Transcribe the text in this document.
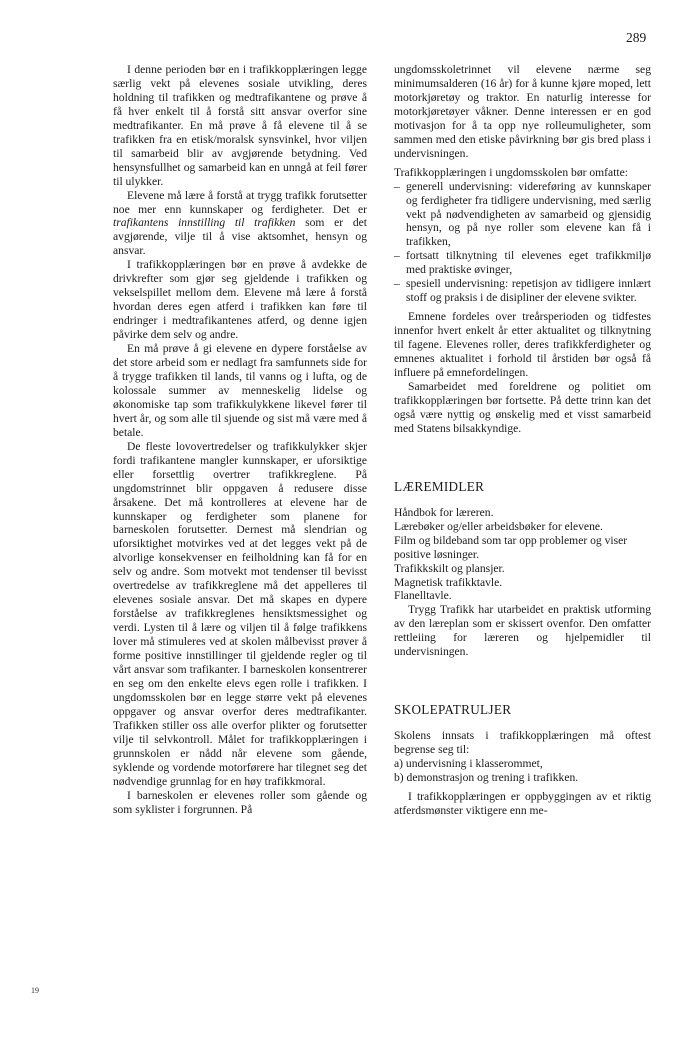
289

I denne perioden bør en i trafikkopplæringen legge særlig vekt på elevenes sosiale utvikling, deres holdning til trafikken og medtrafikantene og prøve å få hver enkelt til å forstå sitt ansvar overfor sine medtrafikanter. En må prøve å få elevene til å se trafikken fra en etisk/moralsk synsvinkel, hvor viljen til samarbeid blir av avgjørende betydning. Ved hensynsfullhet og samarbeid kan en unngå at feil fører til ulykker.

Elevene må lære å forstå at trygg trafikk forutsetter noe mer enn kunnskaper og ferdigheter. Det er trafikantens innstilling til trafikken som er det avgjørende, vilje til å vise aktsomhet, hensyn og ansvar.

I trafikkopplæringen bør en prøve å avdekke de drivkrefter som gjør seg gjeldende i trafikken og vekselspillet mellom dem. Elevene må lære å forstå hvordan deres egen atferd i trafikken kan føre til endringer i medtrafikantenes atferd, og denne igjen påvirke dem selv og andre.

En må prøve å gi elevene en dypere forståelse av det store arbeid som er nedlagt fra samfunnets side for å trygge trafikken til lands, til vanns og i lufta, og de kolossale summer av menneskelig lidelse og økonomiske tap som trafikkulykkene likevel fører til hvert år, og som alle til sjuende og sist må være med å betale.

De fleste lovovertredelser og trafikkulykker skjer fordi trafikantene mangler kunnskaper, er uforsiktige eller forsettlig overtrer trafikkreglene. På ungdomstrinnet blir oppgaven å redusere disse årsakene. Det må kontrolleres at elevene har de kunnskaper og ferdigheter som planene for barneskolen forutsetter. Dernest må slendrian og uforsiktighet motvirkes ved at det legges vekt på de alvorlige konsekvenser en feilholdning kan få for en selv og andre. Som motvekt mot tendenser til bevisst overtredelse av trafikkreglene må det appelleres til elevenes sosiale ansvar. Det må skapes en dypere forståelse av trafikkreglenes hensiktsmessighet og verdi. Lysten til å lære og viljen til å følge trafikkens lover må stimuleres ved at skolen målbevisst prøver å forme positive innstillinger til gjeldende regler og til vårt ansvar som trafikanter. I barneskolen konsentrerer en seg om den enkelte elevs egen rolle i trafikken. I ungdomsskolen bør en legge større vekt på elevenes oppgaver og ansvar overfor deres medtrafikanter. Trafikken stiller oss alle overfor plikter og forutsetter vilje til selvkontroll. Målet for trafikkopplæringen i grunnskolen er nådd når elevene som gående, syklende og vordende motorførere har tilegnet seg det nødvendige grunnlag for en høy trafikkmoral.

I barneskolen er elevenes roller som gående og som syklister i forgrunnen. På

ungdomsskoletrinnet vil elevene nærme seg minimumsalderen (16 år) for å kunne kjøre moped, lett motorkjøretøy og traktor. En naturlig interesse for motorkjøretøyer våkner. Denne interessen er en god motivasjon for å ta opp nye rolleumuligheter, som sammen med den etiske påvirkning bør gis bred plass i undervisningen.

Trafikkopplæringen i ungdomsskolen bør omfatte:

– generell undervisning: videreføring av kunnskaper og ferdigheter fra tidligere undervisning, med særlig vekt på nødvendigheten av samarbeid og gjensidig hensyn, og på nye roller som elevene kan få i trafikken,
– fortsatt tilknytning til elevenes eget trafikkmiljø med praktiske øvinger,
– spesiell undervisning: repetisjon av tidligere innlært stoff og praksis i de disipliner der elevene svikter.

Emnene fordeles over treårsperioden og tidfestes innenfor hvert enkelt år etter aktualitet og tilknytning til fagene. Elevenes roller, deres trafikkferdigheter og emnenes aktualitet i forhold til årstiden bør også få influere på emnefordelingen.

Samarbeidet med foreldrene og politiet om trafikkopplæringen bør fortsette. På dette trinn kan det også være nyttig og ønskelig med et visst samarbeid med Statens bilsakkyndige.

LÆREMIDLER

Håndbok for læreren.

Lærebøker og/eller arbeidsbøker for elevene.

Film og bildeband som tar opp problemer og viser positive løsninger.

Trafikkskilt og plansjer.

Magnetisk trafikktavle.

Flanelltavle.

Trygg Trafikk har utarbeidet en praktisk utforming av den læreplan som er skissert ovenfor. Den omfatter rettleiing for læreren og hjelpemidler til undervisningen.

SKOLEPATRULJER

Skolens innsats i trafikkopplæringen må oftest begrense seg til:

a) undervisning i klasserommet,
b) demonstrasjon og trening i trafikken.

I trafikkopplæringen er oppbyggingen av et riktig atferdsmønster viktigere enn me-

19
